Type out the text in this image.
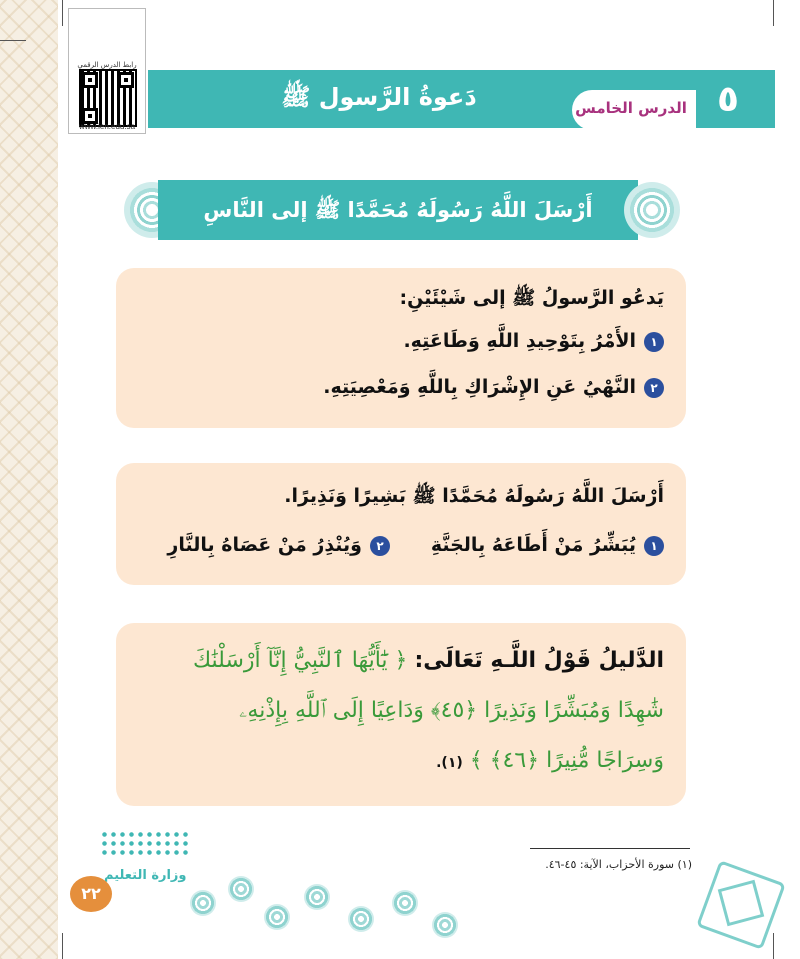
رابط الدرس الرقمي
www.ien.edu.sa
دَعوةُ الرَّسول ﷺ	الدرس الخامس ٥
أَرْسَلَ اللَّهُ رَسُولَهُ مُحَمَّدًا ﷺ إلى النَّاسِ
يَدعُو الرَّسولُ ﷺ إلى شَيْئَيْنِ:
١الأَمْرُ بِتَوْحِيدِ اللَّهِ وَطَاعَتِهِ.
٢النَّهْيُ عَنِ الإِشْرَاكِ بِاللَّهِ وَمَعْصِيَتِهِ.
أَرْسَلَ اللَّهُ رَسُولَهُ مُحَمَّدًا ﷺ بَشِيرًا وَنَذِيرًا.
١يُبَشِّرُ مَنْ أَطَاعَهُ بِالجَنَّةِ
٢وَيُنْذِرُ مَنْ عَصَاهُ بِالنَّارِ
الدَّليلُ قَوْلُ اللَّـهِ تَعَالَى: ﴿ يَٰٓأَيُّهَا ٱلنَّبِيُّ إِنَّآ أَرْسَلْنَٰكَ
شَٰهِدًا وَمُبَشِّرًا وَنَذِيرًا ﴿٤٥﴾ وَدَاعِيًا إِلَى ٱللَّهِ بِإِذْنِهِۦ
وَسِرَاجًا مُّنِيرًا ﴿٤٦﴾ ﴾ (١).
(١) سورة الأحزاب، الآية: ٤٥-٤٦.
وزارة التعليم
٢٢
